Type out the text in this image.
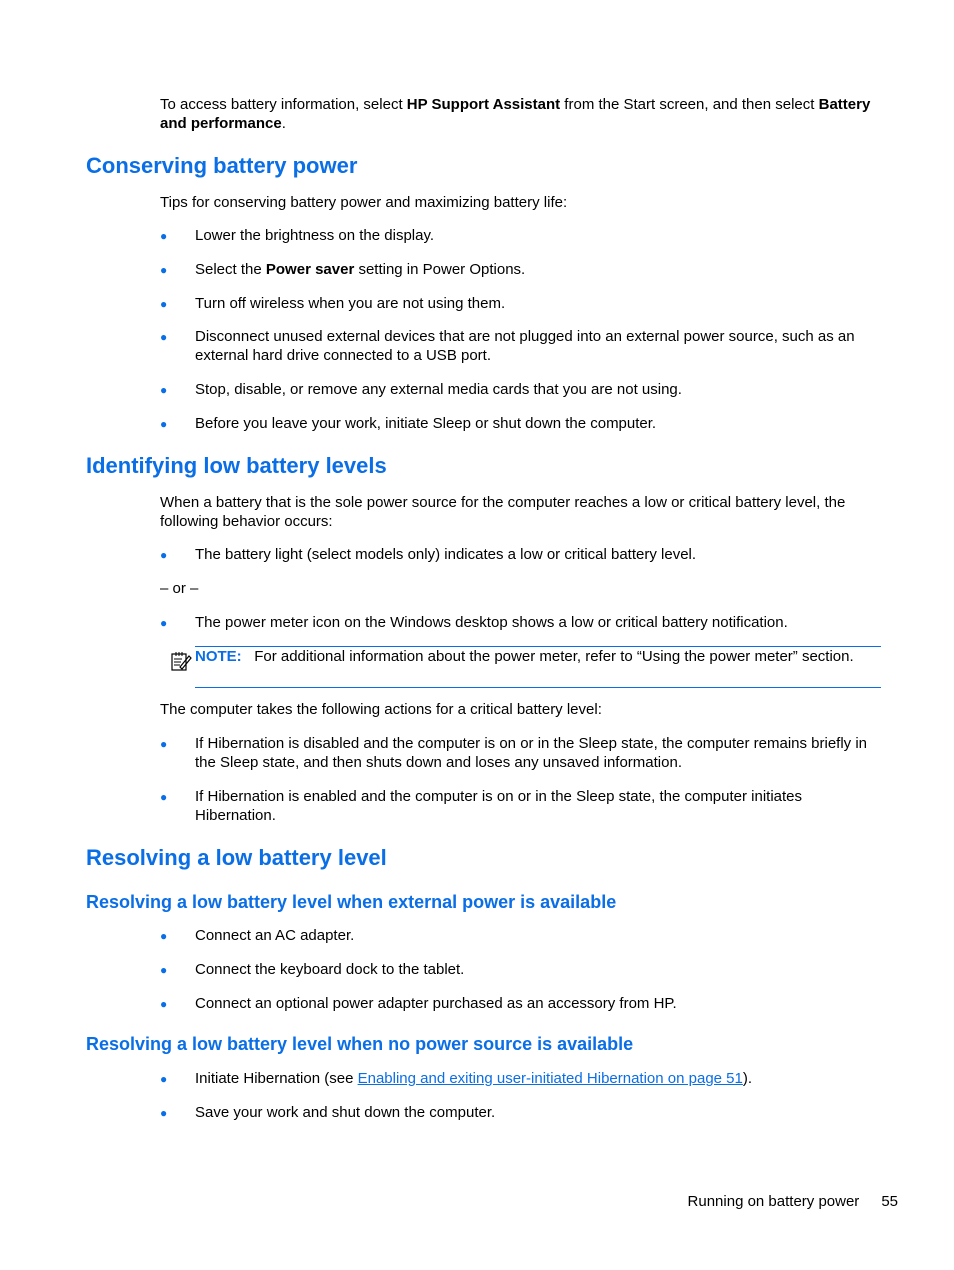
To access battery information, select HP Support Assistant from the Start screen, and then select Battery and performance.
Conserving battery power
Tips for conserving battery power and maximizing battery life:
● Lower the brightness on the display.
● Select the Power saver setting in Power Options.
● Turn off wireless when you are not using them.
● Disconnect unused external devices that are not plugged into an external power source, such as an external hard drive connected to a USB port.
● Stop, disable, or remove any external media cards that you are not using.
● Before you leave your work, initiate Sleep or shut down the computer.
Identifying low battery levels
When a battery that is the sole power source for the computer reaches a low or critical battery level, the following behavior occurs:
● The battery light (select models only) indicates a low or critical battery level.
– or –
● The power meter icon on the Windows desktop shows a low or critical battery notification.
NOTE: For additional information about the power meter, refer to “Using the power meter” section.
The computer takes the following actions for a critical battery level:
● If Hibernation is disabled and the computer is on or in the Sleep state, the computer remains briefly in the Sleep state, and then shuts down and loses any unsaved information.
● If Hibernation is enabled and the computer is on or in the Sleep state, the computer initiates Hibernation.
Resolving a low battery level
Resolving a low battery level when external power is available
● Connect an AC adapter.
● Connect the keyboard dock to the tablet.
● Connect an optional power adapter purchased as an accessory from HP.
Resolving a low battery level when no power source is available
● Initiate Hibernation (see Enabling and exiting user-initiated Hibernation on page 51).
● Save your work and shut down the computer.
Running on battery power 55
